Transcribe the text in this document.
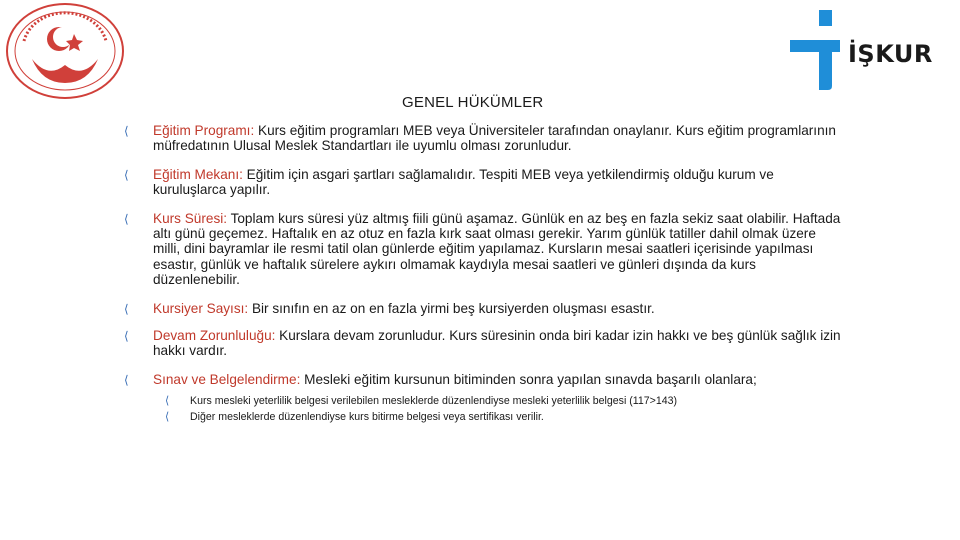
İŞKUR
GENEL HÜKÜMLER
⟨	Eğitim Programı: Kurs eğitim programları MEB veya Üniversiteler tarafından onaylanır. Kurs eğitim programlarının müfredatının Ulusal Meslek Standartları ile uyumlu olması zorunludur.
⟨	Eğitim Mekanı: Eğitim için asgari şartları sağlamalıdır. Tespiti MEB veya yetkilendirmiş olduğu kurum ve kuruluşlarca yapılır.
⟨	Kurs Süresi: Toplam kurs süresi yüz altmış fiili günü aşamaz. Günlük en az beş en fazla sekiz saat olabilir. Haftada altı günü geçemez. Haftalık en az otuz en fazla kırk saat olması gerekir. Yarım günlük tatiller dahil olmak üzere milli, dini bayramlar ile resmi tatil olan günlerde eğitim yapılamaz. Kursların mesai saatleri içerisinde yapılması esastır, günlük ve haftalık sürelere aykırı olmamak kaydıyla mesai saatleri ve günleri dışında da kurs düzenlenebilir.
⟨	Kursiyer Sayısı: Bir sınıfın en az on en fazla yirmi beş kursiyerden oluşması esastır.
⟨	Devam Zorunluluğu: Kurslara devam zorunludur. Kurs süresinin onda biri kadar izin hakkı ve beş günlük sağlık izin hakkı vardır.
⟨	Sınav ve Belgelendirme: Mesleki eğitim kursunun bitiminden sonra yapılan sınavda başarılı olanlara;
⟨	Kurs mesleki yeterlilik belgesi verilebilen mesleklerde düzenlendiyse mesleki yeterlilik belgesi (117>143)
⟨	Diğer mesleklerde düzenlendiyse kurs bitirme belgesi veya sertifikası verilir.
